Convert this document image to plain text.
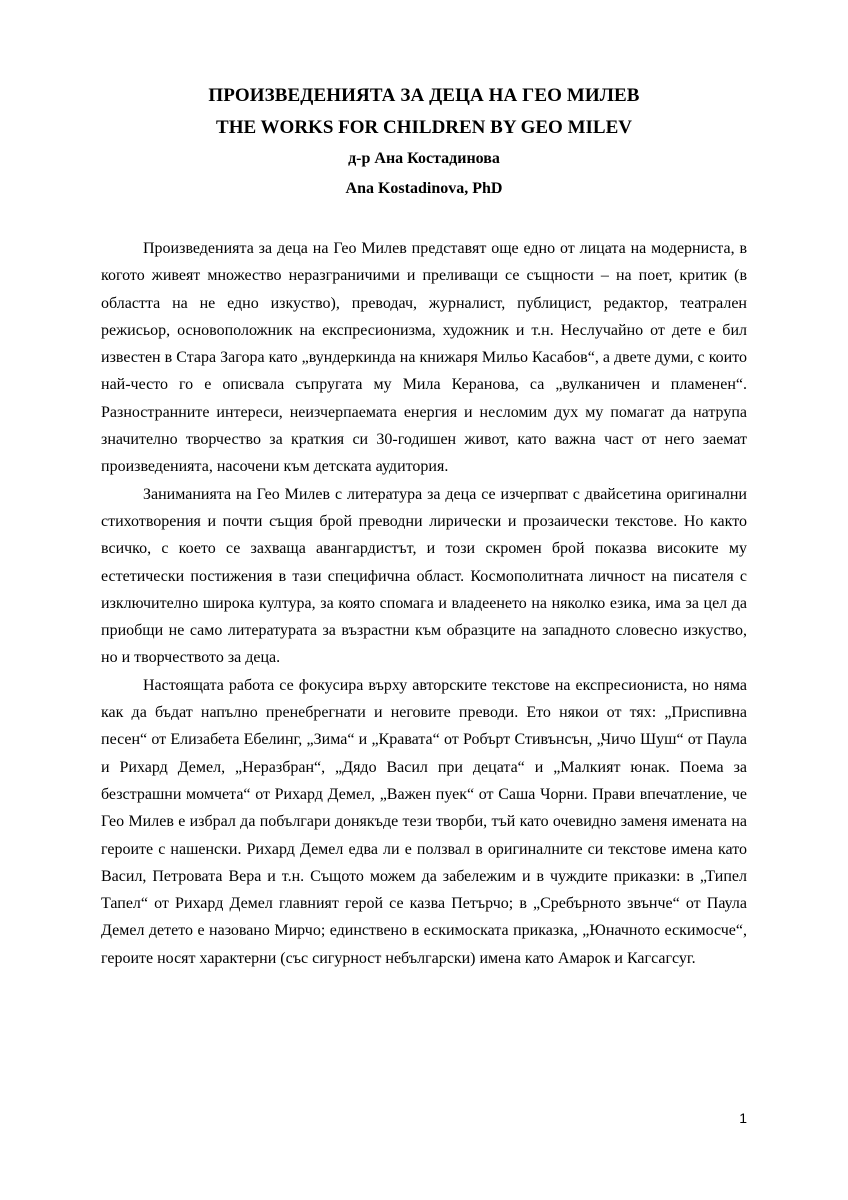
ПРОИЗВЕДЕНИЯТА ЗА ДЕЦА НА ГЕО МИЛЕВ
THE WORKS FOR CHILDREN BY GEO MILEV
д-р Ана Костадинова
Ana Kostadinova, PhD

Произведенията за деца на Гео Милев представят още едно от лицата на модерниста, в когото живеят множество неразграничими и преливащи се същности – на поет, критик (в областта на не едно изкуство), преводач, журналист, публицист, редактор, театрален режисьор, основоположник на експресионизма, художник и т.н. Неслучайно от дете е бил известен в Стара Загора като „вундеркинда на книжаря Мильо Касабов“, а двете думи, с които най-често го е описвала съпругата му Мила Керанова, са „вулканичен и пламенен“. Разностранните интереси, неизчерпаемата енергия и несломим дух му помагат да натрупа значително творчество за краткия си 30-годишен живот, като важна част от него заемат произведенията, насочени към детската аудитория.

Заниманията на Гео Милев с литература за деца се изчерпват с двайсетина оригинални стихотворения и почти същия брой преводни лирически и прозаически текстове. Но както всичко, с което се захваща авангардистът, и този скромен брой показва високите му естетически постижения в тази специфична област. Космополитната личност на писателя с изключително широка култура, за която спомага и владеенето на няколко езика, има за цел да приобщи не само литературата за възрастни към образците на западното словесно изкуство, но и творчеството за деца.

Настоящата работа се фокусира върху авторските текстове на експресиониста, но няма как да бъдат напълно пренебрегнати и неговите преводи. Ето някои от тях: „Приспивна песен“ от Елизабета Ебелинг, „Зима“ и „Кравата“ от Робърт Стивънсън, „Чичо Шуш“ от Паула и Рихард Демел, „Неразбран“, „Дядо Васил при децата“ и „Малкият юнак. Поема за безстрашни момчета“ от Рихард Демел, „Важен пуек“ от Саша Чорни. Прави впечатление, че Гео Милев е избрал да побългари донякъде тези творби, тъй като очевидно заменя имената на героите с нашенски. Рихард Демел едва ли е ползвал в оригиналните си текстове имена като Васил, Петровата Вера и т.н. Същото можем да забележим и в чуждите приказки: в „Типел Тапел“ от Рихард Демел главният герой се казва Петърчо; в „Сребърното звънче“ от Паула Демел детето е назовано Мирчо; единствено в ескимоската приказка, „Юначното ескимосче“, героите носят характерни (със сигурност небългарски) имена като Амарок и Кагсагсуг.

1
